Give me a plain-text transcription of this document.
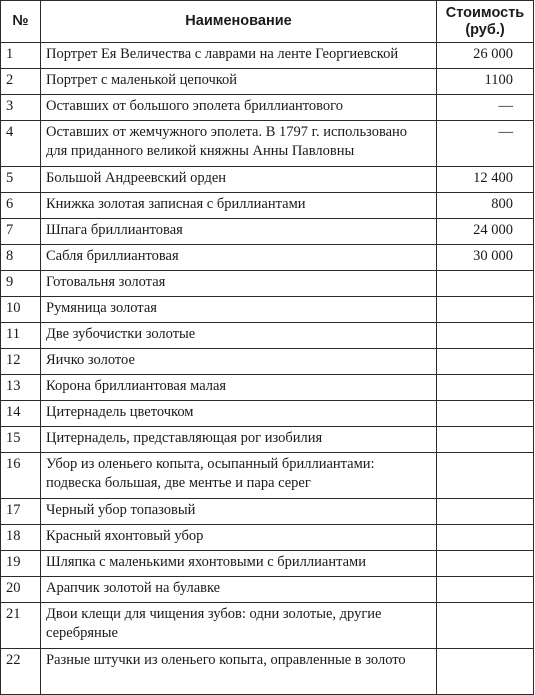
№	Наименование	Стоимость
(руб.)
1	Портрет Ея Величества с лаврами на ленте Георгиевской	26 000
2	Портрет с маленькой цепочкой	1100
3	Оставших от большого эполета бриллиантового	—
4	Оставших от жемчужного эполета. В 1797 г. использовано для приданного великой княжны Анны Павловны	—
5	Большой Андреевский орден	12 400
6	Книжка золотая записная с бриллиантами	800
7	Шпага бриллиантовая	24 000
8	Сабля бриллиантовая	30 000
9	Готовальня золотая	
10	Румяница золотая	
11	Две зубочистки золотые	
12	Яичко золотое	
13	Корона бриллиантовая малая	
14	Цитернадель цветочком	
15	Цитернадель, представляющая рог изобилия	
16	Убор из оленьего копыта, осыпанный бриллиантами: подвеска большая, две ментье и пара серег	
17	Черный убор топазовый	
18	Красный яхонтовый убор	
19	Шляпка с маленькими яхонтовыми с бриллиантами	
20	Арапчик золотой на булавке	
21	Двои клещи для чищения зубов: одни золотые, другие серебряные	
22	Разные штучки из оленьего копыта, оправленные в золото	
